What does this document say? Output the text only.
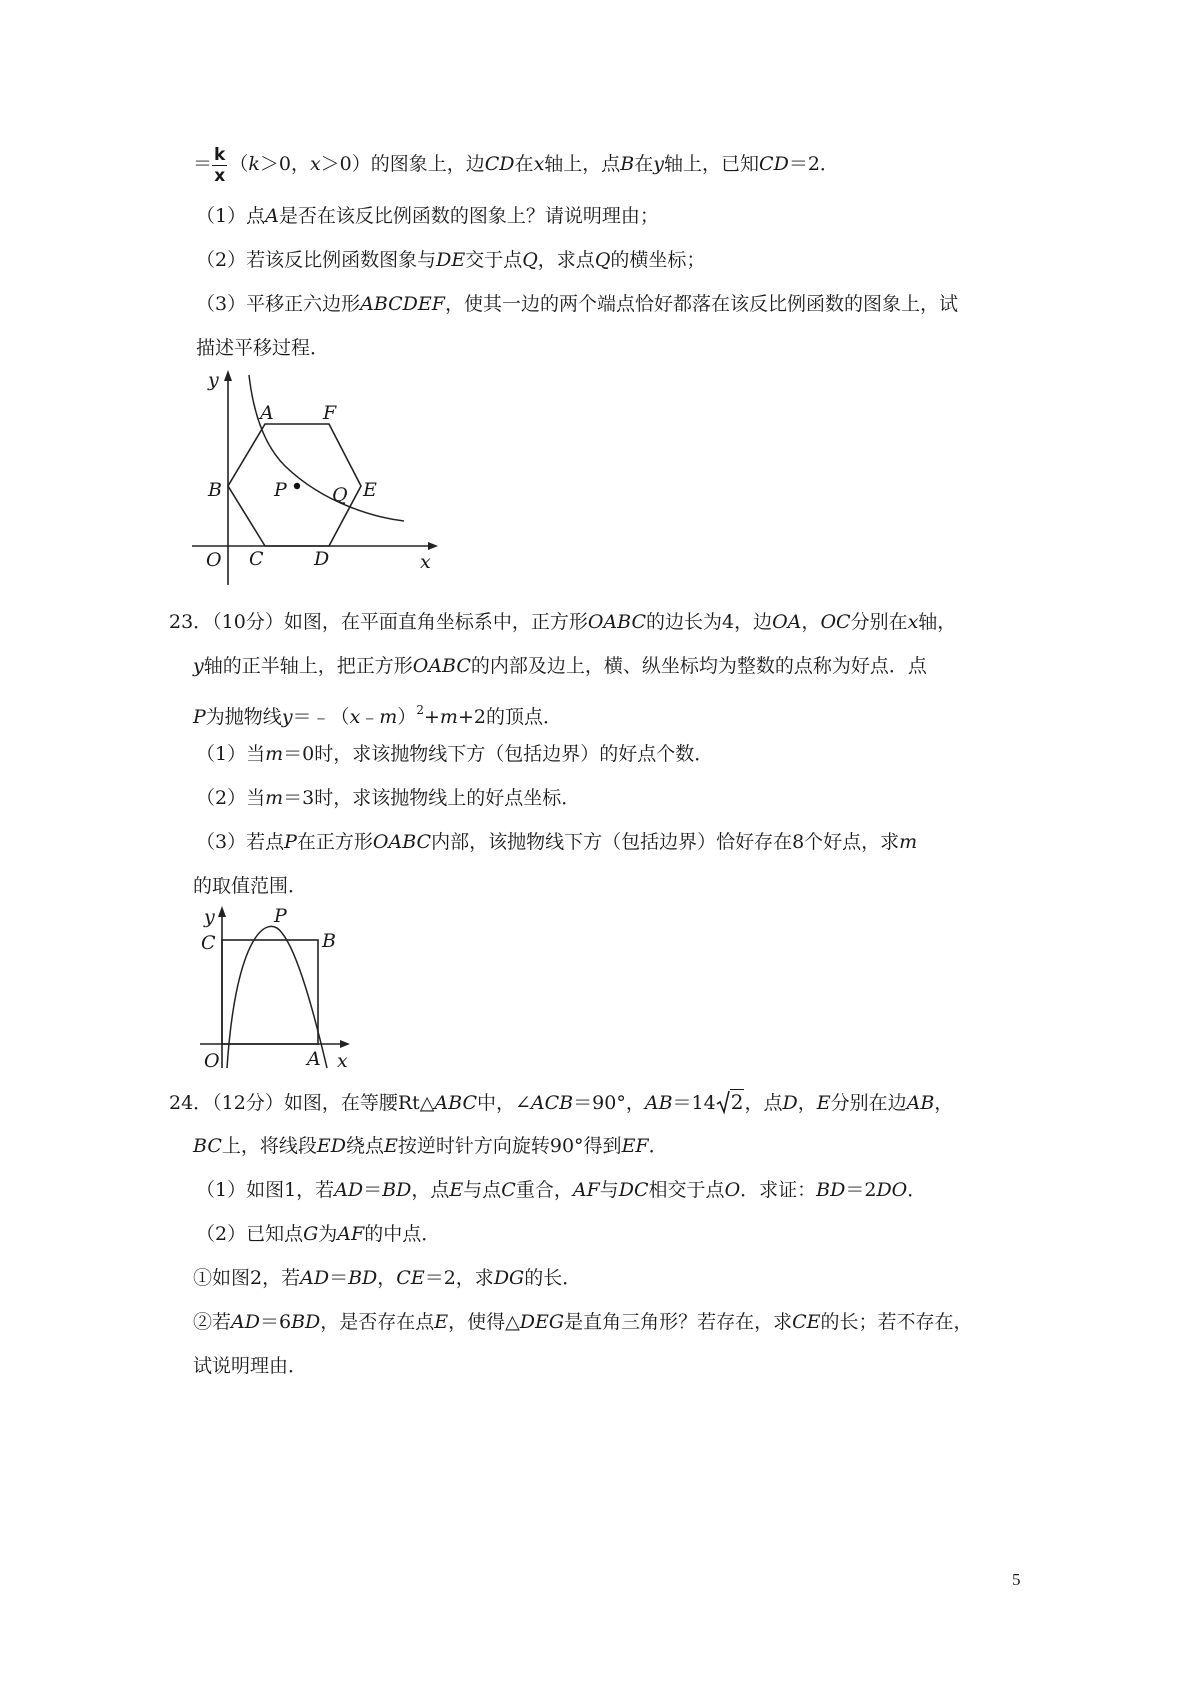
＝ $\frac{k}{x} (k>0$，x＞0）的图象上，边CD在x轴上，点B在y轴上，已知CD＝2．
（1）点A是否在该反比例函数的图象上？请说明理由；
（2）若该反比例函数图象与DE交于点Q，求点Q的横坐标；
（3）平移正六边形ABCDEF，使其一边的两个端点恰好都落在该反比例函数的图象上，试
描述平移过程．
y
x
O
A	F
B	P Q E
C	D
23．（10分）如图，在平面直角坐标系中，正方形OABC的边长为4，边OA，OC分别在x轴，
y轴的正半轴上，把正方形OABC的内部及边上，横、纵坐标均为整数的点称为好点．点
P为抛物线y＝﹣（x﹣m）$^2$+m+2的顶点．
（1）当m＝0时，求该抛物线下方（包括边界）的好点个数．
（2）当m＝3时，求该抛物线上的好点坐标．
（3）若点P在正方形OABC内部，该抛物线下方（包括边界）恰好存在8个好点，求m
的取值范围．
y
x
O	A
B
C
P
24．（12分）如图，在等腰Rt△ABC中，∠ACB＝90°，AB＝14 2，点D，E分别在边AB，
BC上，将线段ED绕点E按逆时针方向旋转90°得到EF．
（1）如图1，若AD＝BD，点E与点C重合，AF与DC相交于点O．求证：BD＝2DO．
（2）已知点G为AF的中点．
①如图2，若AD＝BD，CE＝2，求DG的长．
②若AD＝6BD，是否存在点E，使得△DEG是直角三角形？若存在，求CE的长；若不存在，
试说明理由．
5
